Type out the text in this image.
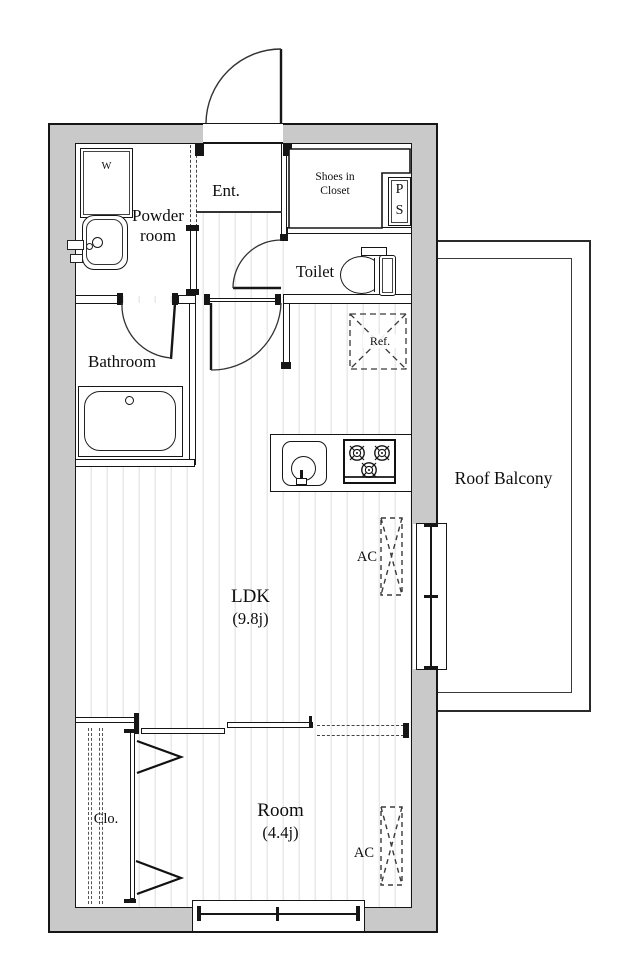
Powder
room
Ent.
Shoes in
Closet	P
S
Toilet
W
Bathroom
Ref.
LDK
(9.8j)
AC
Roof Balcony
Room
(4.4j)
AC
Clo.
